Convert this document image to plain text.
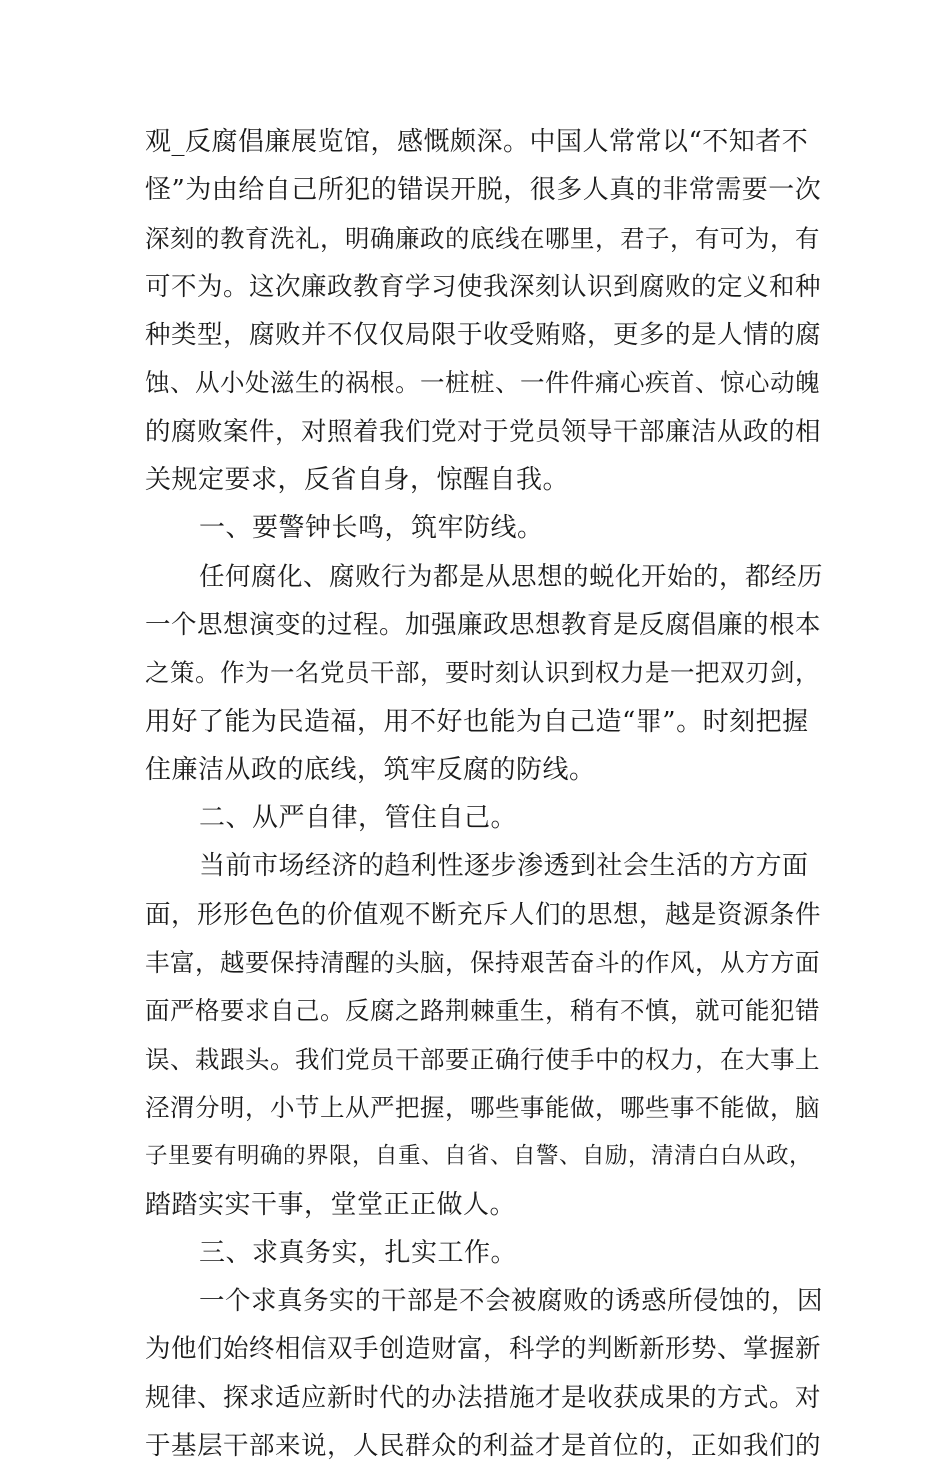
观_反腐倡廉展览馆，感慨颇深。中国人常常以“不知者不
怪”为由给自己所犯的错误开脱，很多人真的非常需要一次
深刻的教育洗礼，明确廉政的底线在哪里，君子，有可为，有
可不为。这次廉政教育学习使我深刻认识到腐败的定义和种
种类型，腐败并不仅仅局限于收受贿赂，更多的是人情的腐
蚀、从小处滋生的祸根。一桩桩、一件件痛心疾首、惊心动魄
的腐败案件，对照着我们党对于党员领导干部廉洁从政的相
关规定要求，反省自身，惊醒自我。
一、要警钟长鸣，筑牢防线。
任何腐化、腐败行为都是从思想的蜕化开始的，都经历
一个思想演变的过程。加强廉政思想教育是反腐倡廉的根本
之策。作为一名党员干部，要时刻认识到权力是一把双刃剑，
用好了能为民造福，用不好也能为自己造“罪”。时刻把握
住廉洁从政的底线，筑牢反腐的防线。
二、从严自律，管住自己。
当前市场经济的趋利性逐步渗透到社会生活的方方面
面，形形色色的价值观不断充斥人们的思想，越是资源条件
丰富，越要保持清醒的头脑，保持艰苦奋斗的作风，从方方面
面严格要求自己。反腐之路荆棘重生，稍有不慎，就可能犯错
误、栽跟头。我们党员干部要正确行使手中的权力，在大事上
泾渭分明，小节上从严把握，哪些事能做，哪些事不能做，脑
子里要有明确的界限，自重、自省、自警、自励，清清白白从政，
踏踏实实干事，堂堂正正做人。
三、求真务实，扎实工作。
一个求真务实的干部是不会被腐败的诱惑所侵蚀的，因
为他们始终相信双手创造财富，科学的判断新形势、掌握新
规律、探求适应新时代的办法措施才是收获成果的方式。对
于基层干部来说，人民群众的利益才是首位的，正如我们的
